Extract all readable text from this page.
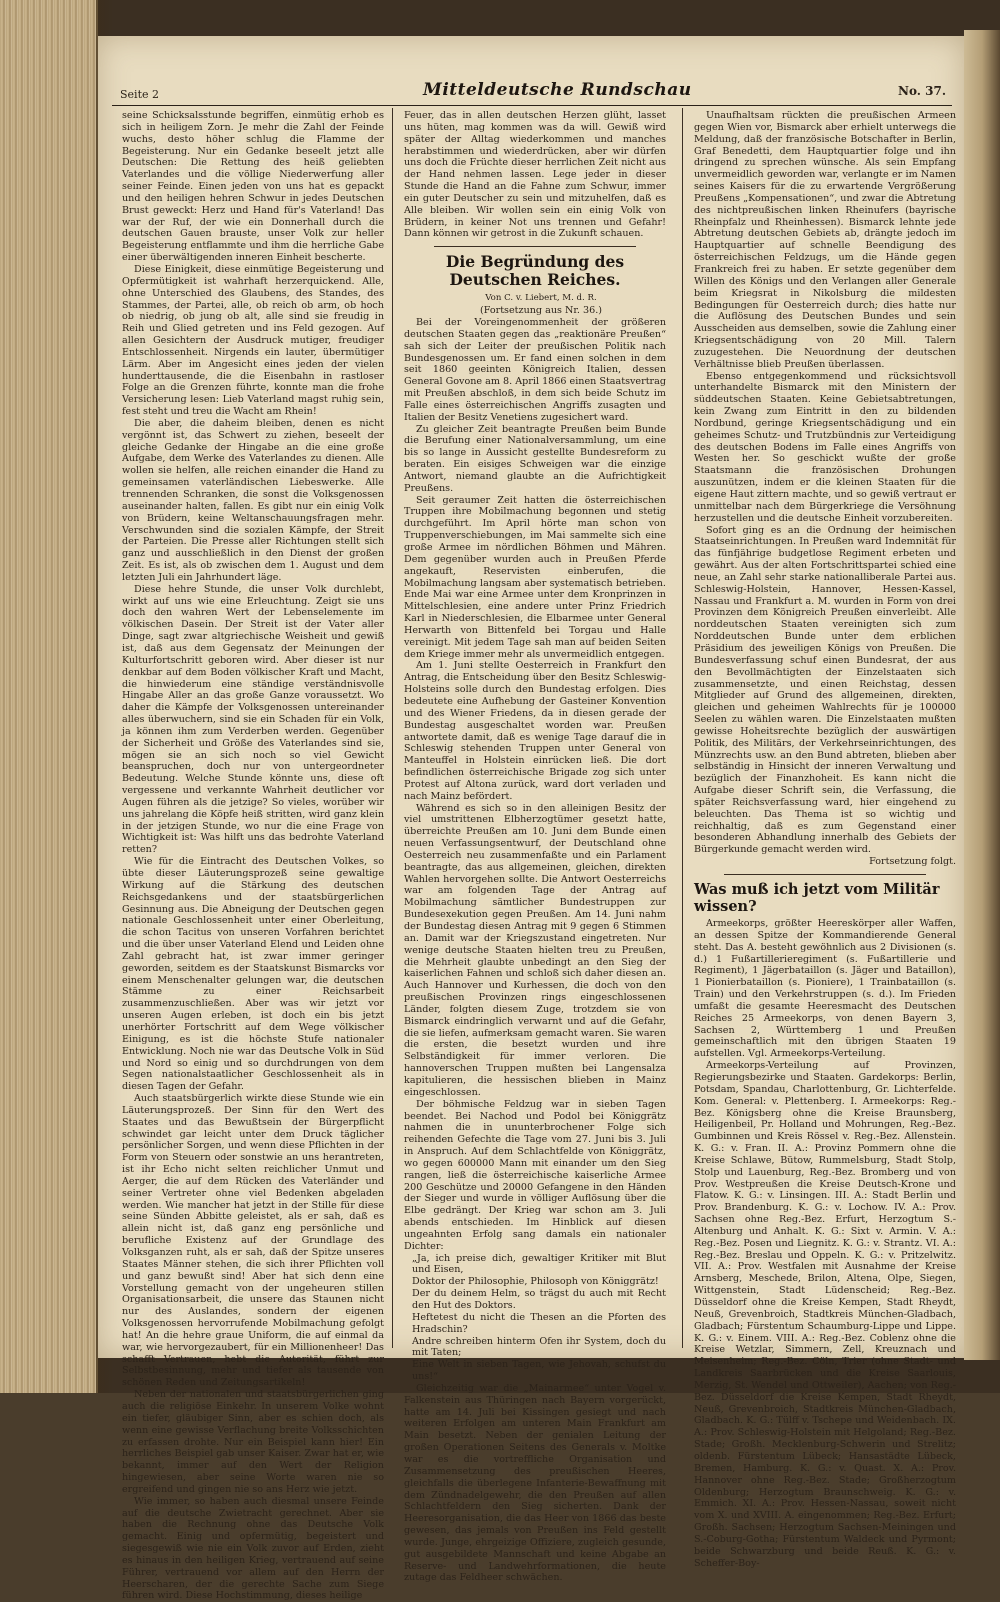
Seite 2	Mitteldeutsche Rundschau	No. 37.

seine Schicksalsstunde begriffen, einmütig erhob es sich in heiligem Zorn. Je mehr die Zahl der Feinde wuchs, desto höher schlug die Flamme der Begeisterung. Nur ein Gedanke beseelt jetzt alle Deutschen: Die Rettung des heiß geliebten Vaterlandes und die völlige Niederwerfung aller seiner Feinde. Einen jeden von uns hat es gepackt und den heiligen hehren Schwur in jedes Deutschen Brust geweckt: Herz und Hand für's Vaterland! Das war der Ruf, der wie ein Donnerhall durch die deutschen Gauen brauste, unser Volk zur heller Begeisterung entflammte und ihm die herrliche Gabe einer überwältigenden inneren Einheit bescherte.

Diese Einigkeit, diese einmütige Begeisterung und Opfermütigkeit ist wahrhaft herzerquickend. Alle, ohne Unterschied des Glaubens, des Standes, des Stammes, der Partei, alle, ob reich ob arm, ob hoch ob niedrig, ob jung ob alt, alle sind sie freudig in Reih und Glied getreten und ins Feld gezogen. Auf allen Gesichtern der Ausdruck mutiger, freudiger Entschlossenheit. Nirgends ein lauter, übermütiger Lärm. Aber im Angesicht eines jeden der vielen hunderttausende, die die Eisenbahn in rastloser Folge an die Grenzen führte, konnte man die frohe Versicherung lesen: Lieb Vaterland magst ruhig sein, fest steht und treu die Wacht am Rhein!

Die aber, die daheim bleiben, denen es nicht vergönnt ist, das Schwert zu ziehen, beseelt der gleiche Gedanke der Hingabe an die eine große Aufgabe, dem Werke des Vaterlandes zu dienen. Alle wollen sie helfen, alle reichen einander die Hand zu gemeinsamen vaterländischen Liebeswerke. Alle trennenden Schranken, die sonst die Volksgenossen auseinander halten, fallen. Es gibt nur ein einig Volk von Brüdern, keine Weltanschauungsfragen mehr. Verschwunden sind die sozialen Kämpfe, der Streit der Parteien. Die Presse aller Richtungen stellt sich ganz und ausschließlich in den Dienst der großen Zeit. Es ist, als ob zwischen dem 1. August und dem letzten Juli ein Jahrhundert läge.

Diese hehre Stunde, die unser Volk durchlebt, wirkt auf uns wie eine Erleuchtung. Zeigt sie uns doch den wahren Wert der Lebenselemente im völkischen Dasein. Der Streit ist der Vater aller Dinge, sagt zwar altgriechische Weisheit und gewiß ist, daß aus dem Gegensatz der Meinungen der Kulturfortschritt geboren wird. Aber dieser ist nur denkbar auf dem Boden völkischer Kraft und Macht, die hinwiederum eine ständige verständnisvolle Hingabe Aller an das große Ganze voraussetzt. Wo daher die Kämpfe der Volksgenossen untereinander alles überwuchern, sind sie ein Schaden für ein Volk, ja können ihm zum Verderben werden. Gegenüber der Sicherheit und Größe des Vaterlandes sind sie, mögen sie an sich noch so viel Gewicht beanspruchen, doch nur von untergeordneter Bedeutung. Welche Stunde könnte uns, diese oft vergessene und verkannte Wahrheit deutlicher vor Augen führen als die jetzige? So vieles, worüber wir uns jahrelang die Köpfe heiß stritten, wird ganz klein in der jetzigen Stunde, wo nur die eine Frage von Wichtigkeit ist: Was hilft uns das bedrohte Vaterland retten?

Wie für die Eintracht des Deutschen Volkes, so übte dieser Läuterungsprozeß seine gewaltige Wirkung auf die Stärkung des deutschen Reichsgedankens und der staatsbürgerlichen Gesinnung aus. Die Abneigung der Deutschen gegen nationale Geschlossenheit unter einer Oberleitung, die schon Tacitus von unseren Vorfahren berichtet und die über unser Vaterland Elend und Leiden ohne Zahl gebracht hat, ist zwar immer geringer geworden, seitdem es der Staatskunst Bismarcks vor einem Menschenalter gelungen war, die deutschen Stämme zu einer Reichsarbeit zusammenzuschließen. Aber was wir jetzt vor unseren Augen erleben, ist doch ein bis jetzt unerhörter Fortschritt auf dem Wege völkischer Einigung, es ist die höchste Stufe nationaler Entwicklung. Noch nie war das Deutsche Volk in Süd und Nord so einig und so durchdrungen von dem Segen nationalstaatlicher Geschlossenheit als in diesen Tagen der Gefahr.

Auch staatsbürgerlich wirkte diese Stunde wie ein Läuterungsprozeß. Der Sinn für den Wert des Staates und das Bewußtsein der Bürgerpflicht schwindet gar leicht unter dem Druck täglicher persönlicher Sorgen, und wenn diese Pflichten in der Form von Steuern oder sonstwie an uns herantreten, ist ihr Echo nicht selten reichlicher Unmut und Aerger, die auf dem Rücken des Vaterländer und seiner Vertreter ohne viel Bedenken abgeladen werden. Wie mancher hat jetzt in der Stille für diese seine Sünden Abbitte geleistet, als er sah, daß es allein nicht ist, daß ganz eng persönliche und berufliche Existenz auf der Grundlage des Volksganzen ruht, als er sah, daß der Spitze unseres Staates Männer stehen, die sich ihrer Pflichten voll und ganz bewußt sind! Aber hat sich denn eine Vorstellung gemacht von der ungeheuren stillen Organisationsarbeit, die unsere das Staunen nicht nur des Auslandes, sondern der eigenen Volksgenossen hervorrufende Mobilmachung gefolgt hat! An die hehre graue Uniform, die auf einmal da war, wie hervorgezaubert, für ein Millionenheer! Das schafft Vertrauen, hebt die Autorität, führt zur Selbstbesinnung, mehr und tiefer als tausende von schönen Reden und Zeitungsartikeln!

Neben der nationalen und staatsbürgerlichen ging auch die religiöse Einkehr. In unserem Volke wohnt ein tiefer, gläubiger Sinn, aber es schien doch, als wenn eine gewisse Verflachung breite Volksschichten zu erfassen drohte. Nur ein Beispiel kann hier! Ein herrliches Beispiel gab unser Kaiser. Zwar hat er, wie bekannt, immer auf den Wert der Religion hingewiesen, aber seine Worte waren nie so ergreifend und gingen nie so ans Herz wie jetzt.

Wie immer, so haben auch diesmal unsere Feinde auf die deutsche Zwietracht gerechnet. Aber sie haben die Rechnung ohne das Deutsche Volk gemacht. Einig und opfermütig, begeistert und siegesgewiß wie nie ein Volk zuvor auf Erden, zieht es hinaus in den heiligen Krieg, vertrauend auf seine Führer, vertrauend vor allem auf den Herrn der Heerscharen, der die gerechte Sache zum Siege führen wird. Diese Hochstimmung, dieses heilige

Feuer, das in allen deutschen Herzen glüht, lasset uns hüten, mag kommen was da will. Gewiß wird später der Alltag wiederkommen und manches herabstimmen und wiederdrücken, aber wir dürfen uns doch die Früchte dieser herrlichen Zeit nicht aus der Hand nehmen lassen. Lege jeder in dieser Stunde die Hand an die Fahne zum Schwur, immer ein guter Deutscher zu sein und mitzuhelfen, daß es Alle bleiben. Wir wollen sein ein einig Volk von Brüdern, in keiner Not uns trennen und Gefahr! Dann können wir getrost in die Zukunft schauen.

Die Begründung des Deutschen Reiches.

Von C. v. Liebert, M. d. R.

(Fortsetzung aus Nr. 36.)

Bei der Voreingenommenheit der größeren deutschen Staaten gegen das „reaktionäre Preußen“ sah sich der Leiter der preußischen Politik nach Bundesgenossen um. Er fand einen solchen in dem seit 1860 geeinten Königreich Italien, dessen General Govone am 8. April 1866 einen Staatsvertrag mit Preußen abschloß, in dem sich beide Schutz im Falle eines österreichischen Angriffs zusagten und Italien der Besitz Venetiens zugesichert ward.

Zu gleicher Zeit beantragte Preußen beim Bunde die Berufung einer Nationalversammlung, um eine bis so lange in Aussicht gestellte Bundesreform zu beraten. Ein eisiges Schweigen war die einzige Antwort, niemand glaubte an die Aufrichtigkeit Preußens.

Seit geraumer Zeit hatten die österreichischen Truppen ihre Mobilmachung begonnen und stetig durchgeführt. Im April hörte man schon von Truppenverschiebungen, im Mai sammelte sich eine große Armee im nördlichen Böhmen und Mähren. Dem gegenüber wurden auch in Preußen Pferde angekauft, Reservisten einberufen, die Mobilmachung langsam aber systematisch betrieben. Ende Mai war eine Armee unter dem Kronprinzen in Mittelschlesien, eine andere unter Prinz Friedrich Karl in Niederschlesien, die Elbarmee unter General Herwarth von Bittenfeld bei Torgau und Halle vereinigt. Mit jedem Tage sah man auf beiden Seiten dem Kriege immer mehr als unvermeidlich entgegen.

Am 1. Juni stellte Oesterreich in Frankfurt den Antrag, die Entscheidung über den Besitz Schleswig-Holsteins solle durch den Bundestag erfolgen. Dies bedeutete eine Aufhebung der Gasteiner Konvention und des Wiener Friedens, da in diesen gerade der Bundestag ausgeschaltet worden war. Preußen antwortete damit, daß es wenige Tage darauf die in Schleswig stehenden Truppen unter General von Manteuffel in Holstein einrücken ließ. Die dort befindlichen österreichische Brigade zog sich unter Protest auf Altona zurück, ward dort verladen und nach Mainz befördert.

Während es sich so in den alleinigen Besitz der viel umstrittenen Elbherzogtümer gesetzt hatte, überreichte Preußen am 10. Juni dem Bunde einen neuen Verfassungsentwurf, der Deutschland ohne Oesterreich neu zusammenfaßte und ein Parlament beantragte, das aus allgemeinen, gleichen, direkten Wahlen hervorgehen sollte. Die Antwort Oesterreichs war am folgenden Tage der Antrag auf Mobilmachung sämtlicher Bundestruppen zur Bundesexekution gegen Preußen. Am 14. Juni nahm der Bundestag diesen Antrag mit 9 gegen 6 Stimmen an. Damit war der Kriegszustand eingetreten. Nur wenige deutsche Staaten hielten treu zu Preußen, die Mehrheit glaubte unbedingt an den Sieg der kaiserlichen Fahnen und schloß sich daher diesen an. Auch Hannover und Kurhessen, die doch von den preußischen Provinzen rings eingeschlossenen Länder, folgten diesem Zuge, trotzdem sie von Bismarck eindringlich verwarnt und auf die Gefahr, die sie liefen, aufmerksam gemacht waren. Sie waren die ersten, die besetzt wurden und ihre Selbständigkeit für immer verloren. Die hannoverschen Truppen mußten bei Langensalza kapitulieren, die hessischen blieben in Mainz eingeschlossen.

Der böhmische Feldzug war in sieben Tagen beendet. Bei Nachod und Podol bei Königgrätz nahmen die in ununterbrochener Folge sich reihenden Gefechte die Tage vom 27. Juni bis 3. Juli in Anspruch. Auf dem Schlachtfelde von Königgrätz, wo gegen 600000 Mann mit einander um den Sieg rangen, ließ die österreichische kaiserliche Armee 200 Geschütze und 20000 Gefangene in den Händen der Sieger und wurde in völliger Auflösung über die Elbe gedrängt. Der Krieg war schon am 3. Juli abends entschieden. Im Hinblick auf diesen ungeahnten Erfolg sang damals ein nationaler Dichter:

„Ja, ich preise dich, gewaltiger Kritiker mit Blut und Eisen,

Doktor der Philosophie, Philosoph von Königgrätz!

Der du deinem Helm, so trägst du auch mit Recht den Hut des Doktors.

Heftetest du nicht die Thesen an die Pforten des Hradschin?

Andre schreiben hinterm Ofen ihr System, doch du mit Taten;

Eine Welt in sieben Tagen, wie Jehovah, schufst du uns!“

Gleichzeitig war die „Mainarmee“ unter Vogel v. Falkenstein aus Thüringen nach Bayern vorgerückt, hatte am 14. Juli bei Kissingen gesiegt und nach weiteren Erfolgen am unteren Main Frankfurt am Main besetzt. Neben der genialen Leitung der großen Operationen Seitens des Generals v. Moltke war es die vortreffliche Organisation und Zusammensetzung des preußischen Heeres, gleichfalls die überlegene Infanterie-Bewaffnung mit dem Zündnadelgewehr, die den Preußen auf allen Schlachtfeldern den Sieg sicherten. Dank der Heeresorganisation, die das Heer von 1866 das beste gewesen, das jemals von Preußen ins Feld gestellt wurde. Junge, ehrgeizige Offiziere, zugleich gesunde, gut ausgebildete Mannschaft und keine Abgabe an Reserve- und Landwehrformationen, die heute zutage das Feldheer schwächen.

Unaufhaltsam rückten die preußischen Armeen gegen Wien vor, Bismarck aber erhielt unterwegs die Meldung, daß der französische Botschafter in Berlin, Graf Benedetti, dem Hauptquartier folge und ihn dringend zu sprechen wünsche. Als sein Empfang unvermeidlich geworden war, verlangte er im Namen seines Kaisers für die zu erwartende Vergrößerung Preußens „Kompensationen“, und zwar die Abtretung des nichtpreußischen linken Rheinufers (bayrische Rheinpfalz und Rheinhessen). Bismarck lehnte jede Abtretung deutschen Gebiets ab, drängte jedoch im Hauptquartier auf schnelle Beendigung des österreichischen Feldzugs, um die Hände gegen Frankreich frei zu haben. Er setzte gegenüber dem Willen des Königs und den Verlangen aller Generale beim Kriegsrat in Nikolsburg die mildesten Bedingungen für Oesterreich durch; dies hatte nur die Auflösung des Deutschen Bundes und sein Ausscheiden aus demselben, sowie die Zahlung einer Kriegsentschädigung von 20 Mill. Talern zuzugestehen. Die Neuordnung der deutschen Verhältnisse blieb Preußen überlassen.

Ebenso entgegenkommend und rücksichtsvoll unterhandelte Bismarck mit den Ministern der süddeutschen Staaten. Keine Gebietsabtretungen, kein Zwang zum Eintritt in den zu bildenden Nordbund, geringe Kriegsentschädigung und ein geheimes Schutz- und Trutzbündnis zur Verteidigung des deutschen Bodens im Falle eines Angriffs von Westen her. So geschickt wußte der große Staatsmann die französischen Drohungen auszunützen, indem er die kleinen Staaten für die eigene Haut zittern machte, und so gewiß vertraut er unmittelbar nach dem Bürgerkriege die Versöhnung herzustellen und die deutsche Einheit vorzubereiten.

Sofort ging es an die Ordnung der heimischen Staatseinrichtungen. In Preußen ward Indemnität für das fünfjährige budgetlose Regiment erbeten und gewährt. Aus der alten Fortschrittspartei schied eine neue, an Zahl sehr starke nationalliberale Partei aus. Schleswig-Holstein, Hannover, Hessen-Kassel, Nassau und Frankfurt a. M. wurden in Form von drei Provinzen dem Königreich Preußen einverleibt. Alle norddeutschen Staaten vereinigten sich zum Norddeutschen Bunde unter dem erblichen Präsidium des jeweiligen Königs von Preußen. Die Bundesverfassung schuf einen Bundesrat, der aus den Bevollmächtigten der Einzelstaaten sich zusammensetzte, und einen Reichstag, dessen Mitglieder auf Grund des allgemeinen, direkten, gleichen und geheimen Wahlrechts für je 100000 Seelen zu wählen waren. Die Einzelstaaten mußten gewisse Hoheitsrechte bezüglich der auswärtigen Politik, des Militärs, der Verkehrseinrichtungen, des Münzrechts usw. an den Bund abtreten, blieben aber selbständig in Hinsicht der inneren Verwaltung und bezüglich der Finanzhoheit. Es kann nicht die Aufgabe dieser Schrift sein, die Verfassung, die später Reichsverfassung ward, hier eingehend zu beleuchten. Das Thema ist so wichtig und reichhaltig, daß es zum Gegenstand einer besonderen Abhandlung innerhalb des Gebiets der Bürgerkunde gemacht werden wird.

Fortsetzung folgt.

Was muß ich jetzt vom Militär wissen?

Armeekorps, größter Heereskörper aller Waffen, an dessen Spitze der Kommandierende General steht. Das A. besteht gewöhnlich aus 2 Divisionen (s. d.) 1 Fußartillerieregiment (s. Fußartillerie und Regiment), 1 Jägerbataillon (s. Jäger und Bataillon), 1 Pionierbataillon (s. Pioniere), 1 Trainbataillon (s. Train) und den Verkehrstruppen (s. d.). Im Frieden umfaßt die gesamte Heeresmacht des Deutschen Reiches 25 Armeekorps, von denen Bayern 3, Sachsen 2, Württemberg 1 und Preußen gemeinschaftlich mit den übrigen Staaten 19 aufstellen. Vgl. Armeekorps-Verteilung.

Armeekorps-Verteilung auf Provinzen, Regierungsbezirke und Staaten. Gardekorps: Berlin, Potsdam, Spandau, Charlottenburg, Gr. Lichterfelde. Kom. General: v. Plettenberg. I. Armeekorps: Reg.-Bez. Königsberg ohne die Kreise Braunsberg, Heiligenbeil, Pr. Holland und Mohrungen, Reg.-Bez. Gumbinnen und Kreis Rössel v. Reg.-Bez. Allenstein. K. G.: v. Fran. II. A.: Provinz Pommern ohne die Kreise Schlawe, Bütow, Rummelsburg, Stadt Stolp, Stolp und Lauenburg, Reg.-Bez. Bromberg und von Prov. Westpreußen die Kreise Deutsch-Krone und Flatow. K. G.: v. Linsingen. III. A.: Stadt Berlin und Prov. Brandenburg. K. G.: v. Lochow. IV. A.: Prov. Sachsen ohne Reg.-Bez. Erfurt, Herzogtum S.-Altenburg und Anhalt. K. G.: Sixt v. Armin. V. A.: Reg.-Bez. Posen und Liegnitz. K. G.: v. Strantz. VI. A.: Reg.-Bez. Breslau und Oppeln. K. G.: v. Pritzelwitz. VII. A.: Prov. Westfalen mit Ausnahme der Kreise Arnsberg, Meschede, Brilon, Altena, Olpe, Siegen, Wittgenstein, Stadt Lüdenscheid; Reg.-Bez. Düsseldorf ohne die Kreise Kempen, Stadt Rheydt, Neuß, Grevenbroich, Stadtkreis München-Gladbach, Gladbach; Fürstentum Schaumburg-Lippe und Lippe. K. G.: v. Einem. VIII. A.: Reg.-Bez. Coblenz ohne die Kreise Wetzlar, Simmern, Zell, Kreuznach und Meisenheim; Reg.-Bez. Cöln, Trier (ohne Stadt- und Landkreis Saarbrücken und die Kreise Saarlouis, Merzig, St. Wendel und Ottweiler), Aachen; von Reg.-Bez. Düsseldorf die Kreise Kempen, Stadt Rheydt, Neuß, Grevenbroich, Stadtkreis München-Gladbach, Gladbach. K. G.: Tülff v. Tschepe und Weidenbach. IX. A.: Prov. Schleswig-Holstein mit Helgoland; Reg.-Bez. Stade; Großh. Mecklenburg-Schwerin und Strelitz; oldenb. Fürstentum Lübeck; Hansastädte Lübeck, Bremen, Hamburg. K. G.: v. Quast. X. A.: Prov. Hannover ohne Reg.-Bez. Stade; Großherzogtum Oldenburg; Herzogtum Braunschweig. K. G.: v. Emmich. XI. A.: Prov. Hessen-Nassau, soweit nicht vom X. und XVIII. A. eingenommen; Reg.-Bez. Erfurt; Großh. Sachsen; Herzogtum Sachsen-Meiningen und S.-Coburg-Gotha; Fürstentum Waldeck und Pyrmont; beide Schwarzburg und beide Reuß. K. G.: v. Scheffer-Boy-
